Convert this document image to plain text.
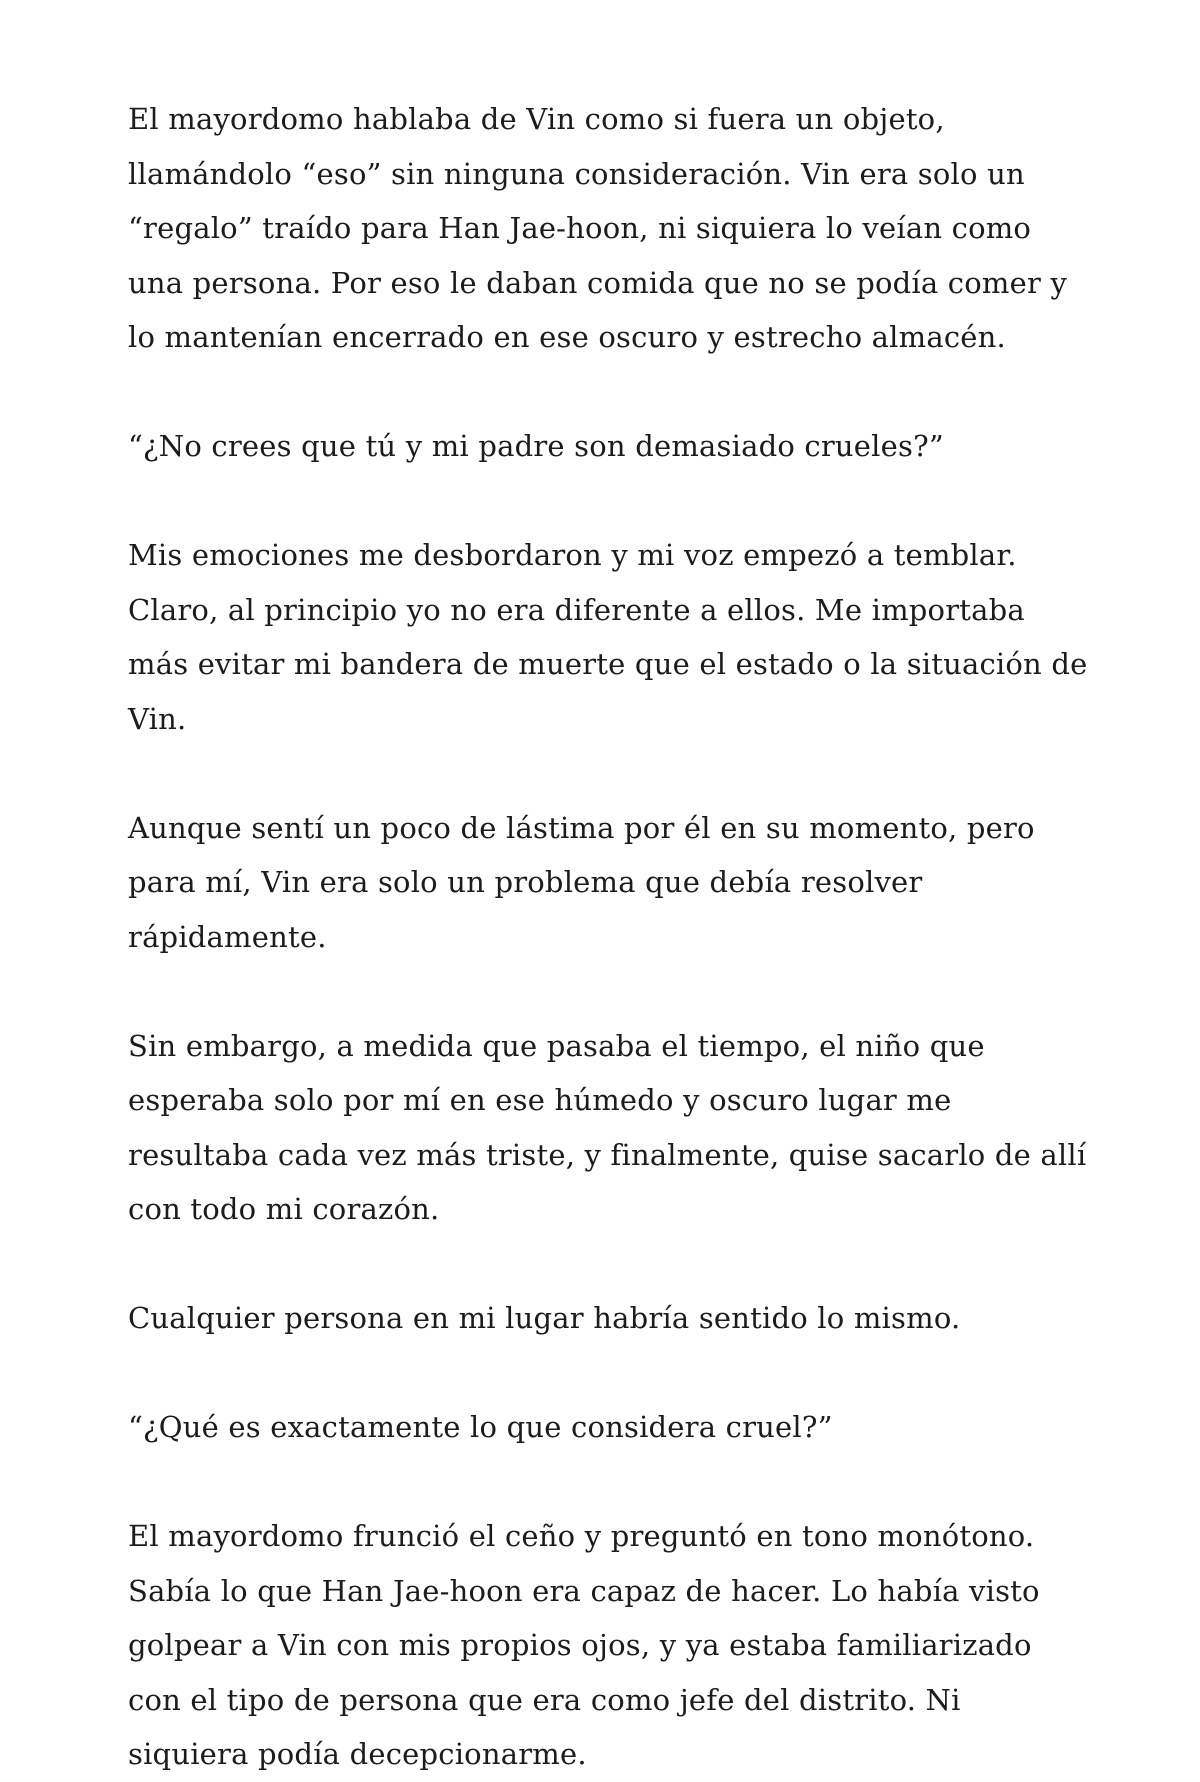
El mayordomo hablaba de Vin como si fuera un objeto, llamándolo “eso” sin ninguna consideración. Vin era solo un “regalo” traído para Han Jae-hoon, ni siquiera lo veían como una persona. Por eso le daban comida que no se podía comer y lo mantenían encerrado en ese oscuro y estrecho almacén.

“¿No crees que tú y mi padre son demasiado crueles?”

Mis emociones me desbordaron y mi voz empezó a temblar. Claro, al principio yo no era diferente a ellos. Me importaba más evitar mi bandera de muerte que el estado o la situación de Vin.

Aunque sentí un poco de lástima por él en su momento, pero para mí, Vin era solo un problema que debía resolver rápidamente.

Sin embargo, a medida que pasaba el tiempo, el niño que esperaba solo por mí en ese húmedo y oscuro lugar me resultaba cada vez más triste, y finalmente, quise sacarlo de allí con todo mi corazón.

Cualquier persona en mi lugar habría sentido lo mismo.

“¿Qué es exactamente lo que considera cruel?”

El mayordomo frunció el ceño y preguntó en tono monótono. Sabía lo que Han Jae-hoon era capaz de hacer. Lo había visto golpear a Vin con mis propios ojos, y ya estaba familiarizado con el tipo de persona que era como jefe del distrito. Ni siquiera podía decepcionarme.
